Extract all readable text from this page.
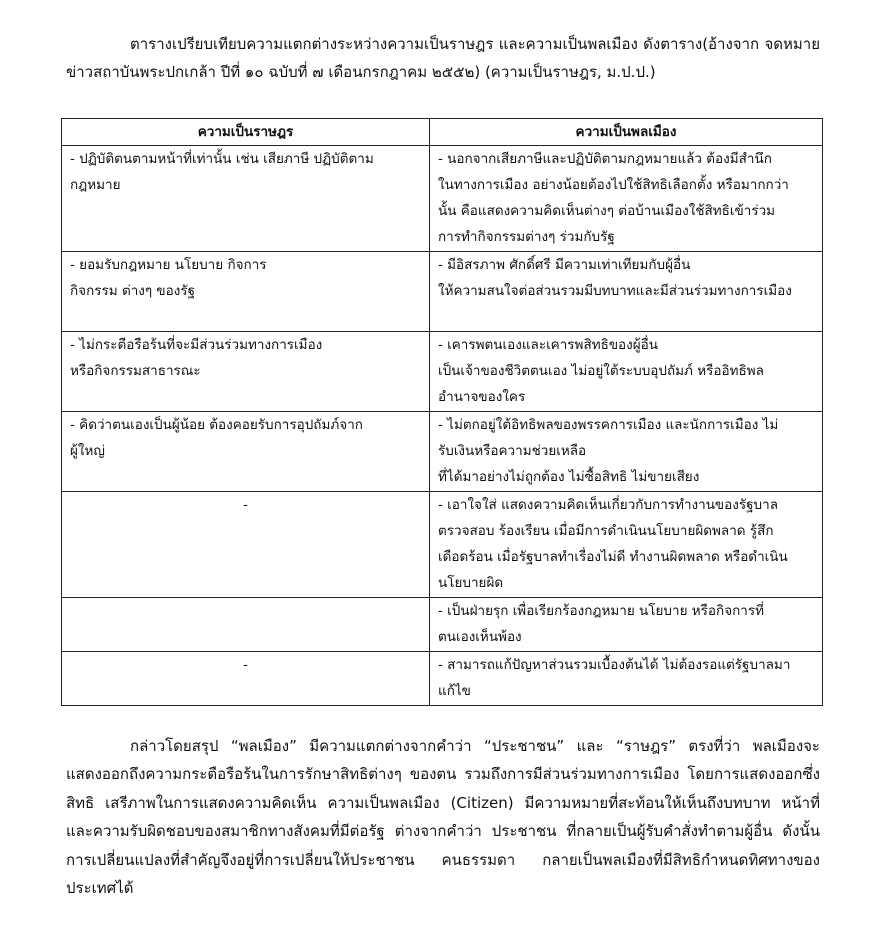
ตารางเปรียบเทียบความแตกต่างระหว่างความเป็นราษฎร และความเป็นพลเมือง ดังตาราง(อ้างจาก จดหมายข่าวสถาบันพระปกเกล้า ปีที่ ๑๐ ฉบับที่ ๗ เดือนกรกฎาคม ๒๕๕๒) (ความเป็นราษฎร, ม.ป.ป.)

ความเป็นราษฎร	ความเป็นพลเมือง

- ปฏิบัติตนตามหน้าที่เท่านั้น เช่น เสียภาษี ปฏิบัติตาม
กฎหมาย	- นอกจากเสียภาษีและปฏิบัติตามกฎหมายแล้ว ต้องมีสำนึก
ในทางการเมือง อย่างน้อยต้องไปใช้สิทธิเลือกตั้ง หรือมากกว่า
นั้น คือแสดงความคิดเห็นต่างๆ ต่อบ้านเมืองใช้สิทธิเข้าร่วม
การทำกิจกรรมต่างๆ ร่วมกับรัฐ

- ยอมรับกฎหมาย นโยบาย กิจการ
กิจกรรม ต่างๆ ของรัฐ	- มีอิสรภาพ ศักดิ์ศรี มีความเท่าเทียมกับผู้อื่น
ให้ความสนใจต่อส่วนรวมมีบทบาทและมีส่วนร่วมทางการเมือง

- ไม่กระตือรือร้นที่จะมีส่วนร่วมทางการเมือง
หรือกิจกรรมสาธารณะ	- เคารพตนเองและเคารพสิทธิของผู้อื่น
เป็นเจ้าของชีวิตตนเอง ไม่อยู่ใต้ระบบอุปถัมภ์ หรืออิทธิพล
อำนาจของใคร

- คิดว่าตนเองเป็นผู้น้อย ต้องคอยรับการอุปถัมภ์จาก
ผู้ใหญ่	- ไม่ตกอยู่ใต้อิทธิพลของพรรคการเมือง และนักการเมือง ไม่
รับเงินหรือความช่วยเหลือ
ที่ได้มาอย่างไม่ถูกต้อง ไม่ซื้อสิทธิ ไม่ขายเสียง

-	- เอาใจใส่ แสดงความคิดเห็นเกี่ยวกับการทำงานของรัฐบาล
ตรวจสอบ ร้องเรียน เมื่อมีการดำเนินนโยบายผิดพลาด รู้สึก
เดือดร้อน เมื่อรัฐบาลทำเรื่องไม่ดี ทำงานผิดพลาด หรือดำเนิน
นโยบายผิด

	- เป็นฝ่ายรุก เพื่อเรียกร้องกฎหมาย นโยบาย หรือกิจการที่
ตนเองเห็นพ้อง

-	- สามารถแก้ปัญหาส่วนรวมเบื้องต้นได้ ไม่ต้องรอแต่รัฐบาลมา
แก้ไข

กล่าวโดยสรุป “พลเมือง” มีความแตกต่างจากคำว่า “ประชาชน” และ “ราษฎร” ตรงที่ว่า พลเมืองจะแสดงออกถึงความกระตือรือร้นในการรักษาสิทธิต่างๆ ของตน รวมถึงการมีส่วนร่วมทางการเมือง โดยการแสดงออกซึ่งสิทธิ เสรีภาพในการแสดงความคิดเห็น ความเป็นพลเมือง (Citizen) มีความหมายที่สะท้อนให้เห็นถึงบทบาท หน้าที่ และความรับผิดชอบของสมาชิกทางสังคมที่มีต่อรัฐ ต่างจากคำว่า ประชาชน ที่กลายเป็นผู้รับคำสั่งทำตามผู้อื่น ดังนั้น การเปลี่ยนแปลงที่สำคัญจึงอยู่ที่การเปลี่ยนให้ประชาชน คนธรรมดา กลายเป็นพลเมืองที่มีสิทธิกำหนดทิศทางของประเทศได้
